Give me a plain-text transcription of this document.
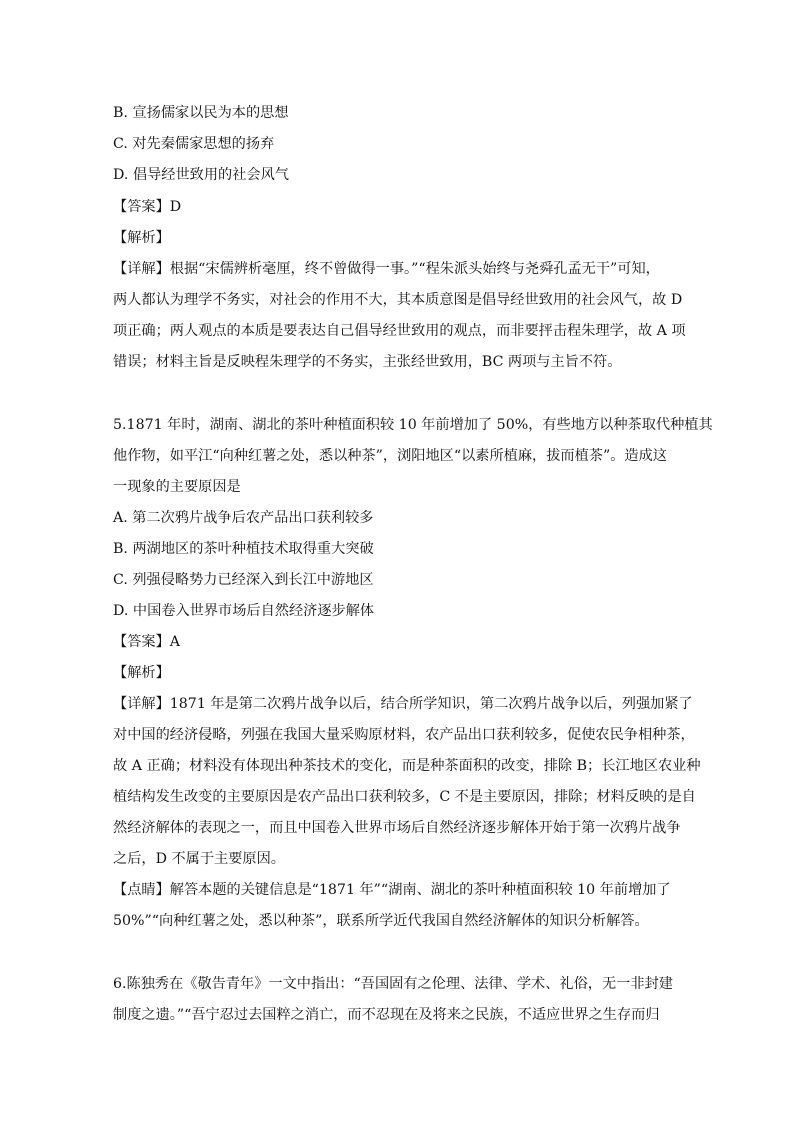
B. 宣扬儒家以民为本的思想
C. 对先秦儒家思想的扬弃
D. 倡导经世致用的社会风气
【答案】D
【解析】
【详解】根据“宋儒辨析毫厘，终不曾做得一事。”“程朱派头始终与尧舜孔孟无干”可知，
两人都认为理学不务实，对社会的作用不大，其本质意图是倡导经世致用的社会风气，故 D
项正确；两人观点的本质是要表达自己倡导经世致用的观点，而非要抨击程朱理学，故 A 项
错误；材料主旨是反映程朱理学的不务实，主张经世致用，BC 两项与主旨不符。
5.1871 年时，湖南、湖北的茶叶种植面积较 10 年前增加了 50%，有些地方以种茶取代种植其
他作物，如平江“向种红薯之处，悉以种茶”，浏阳地区“以素所植麻，拔而植茶”。造成这
一现象的主要原因是
A. 第二次鸦片战争后农产品出口获利较多
B. 两湖地区的茶叶种植技术取得重大突破
C. 列强侵略势力已经深入到长江中游地区
D. 中国卷入世界市场后自然经济逐步解体
【答案】A
【解析】
【详解】1871 年是第二次鸦片战争以后，结合所学知识，第二次鸦片战争以后，列强加紧了
对中国的经济侵略，列强在我国大量采购原材料，农产品出口获利较多，促使农民争相种茶，
故 A 正确；材料没有体现出种茶技术的变化，而是种茶面积的改变，排除 B；长江地区农业种
植结构发生改变的主要原因是农产品出口获利较多，C 不是主要原因，排除；材料反映的是自
然经济解体的表现之一，而且中国卷入世界市场后自然经济逐步解体开始于第一次鸦片战争
之后，D 不属于主要原因。
【点睛】解答本题的关键信息是“1871 年”“湖南、湖北的茶叶种植面积较 10 年前增加了
50%”“向种红薯之处，悉以种茶”，联系所学近代我国自然经济解体的知识分析解答。
6.陈独秀在《敬告青年》一文中指出：“吾国固有之伦理、法律、学术、礼俗，无一非封建
制度之遗。”“吾宁忍过去国粹之消亡，而不忍现在及将来之民族，不适应世界之生存而归
